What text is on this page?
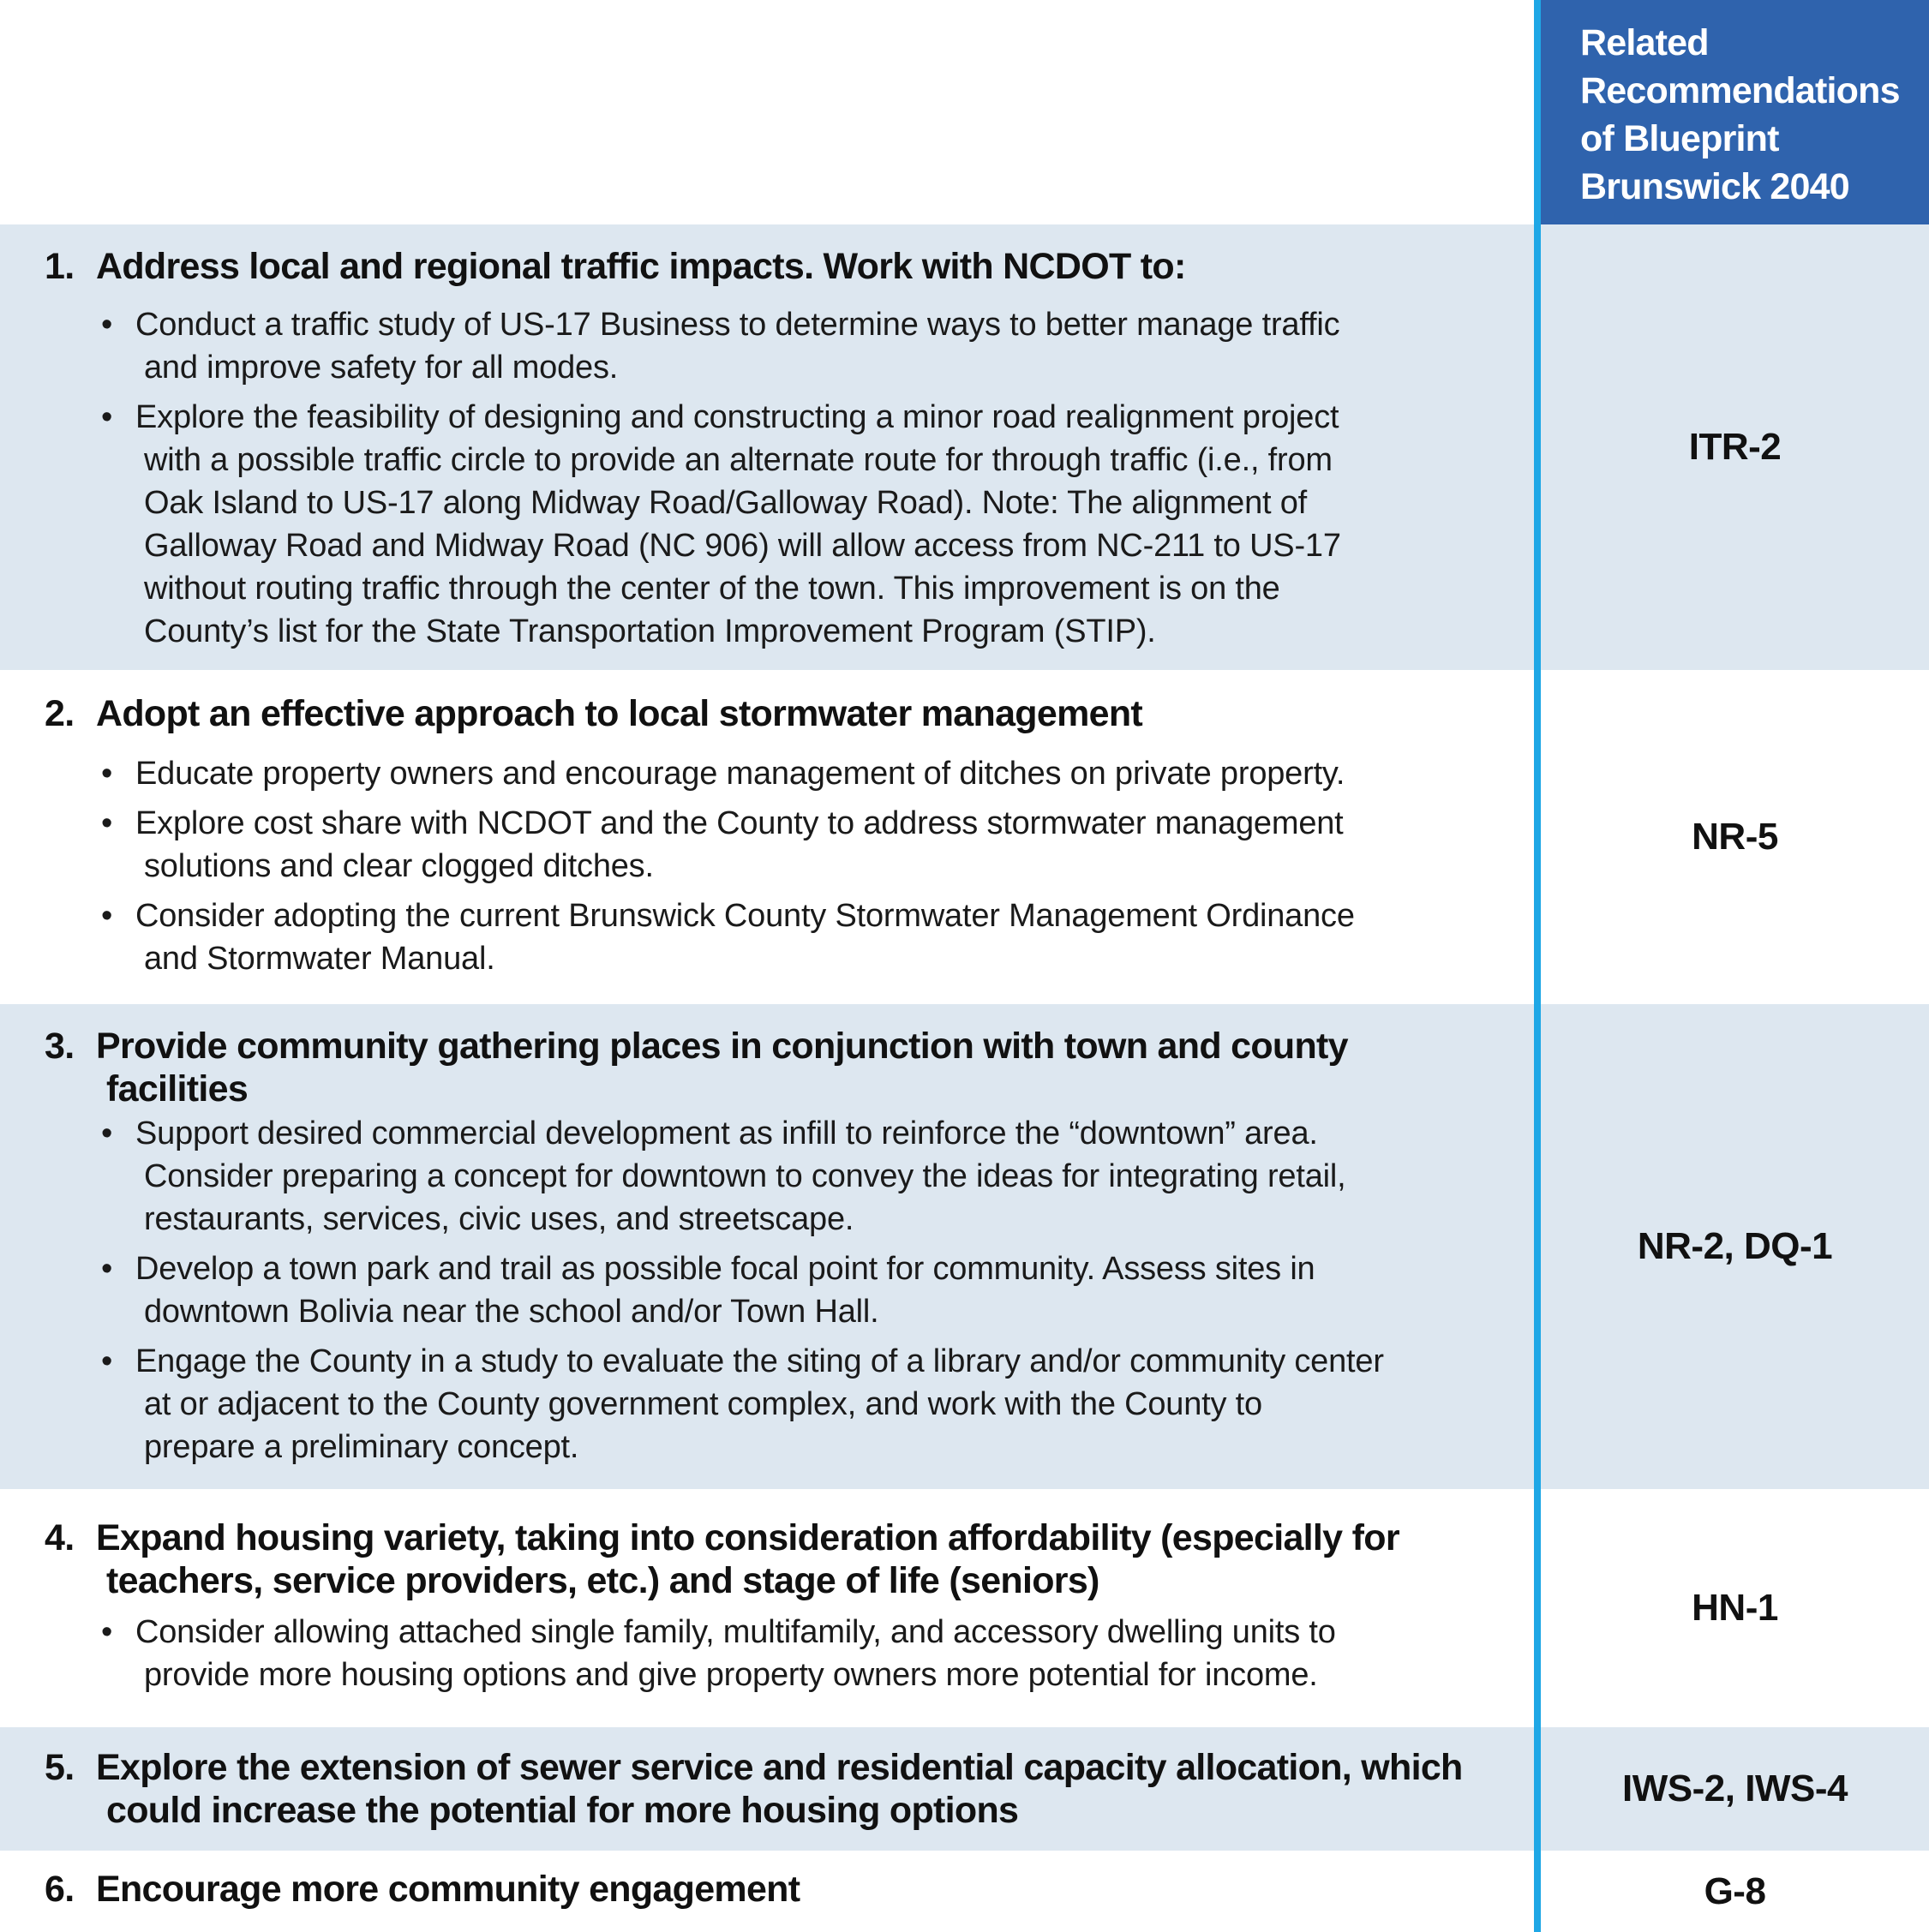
Related
Recommendations
of Blueprint
Brunswick 2040
1. Address local and regional traffic impacts. Work with NCDOT to:
• Conduct a traffic study of US-17 Business to determine ways to better manage traffic
and improve safety for all modes.
• Explore the feasibility of designing and constructing a minor road realignment project
with a possible traffic circle to provide an alternate route for through traffic (i.e., from
Oak Island to US-17 along Midway Road/Galloway Road). Note: The alignment of
Galloway Road and Midway Road (NC 906) will allow access from NC-211 to US-17
without routing traffic through the center of the town. This improvement is on the
County’s list for the State Transportation Improvement Program (STIP).
ITR-2
2. Adopt an effective approach to local stormwater management
• Educate property owners and encourage management of ditches on private property.
• Explore cost share with NCDOT and the County to address stormwater management
solutions and clear clogged ditches.
• Consider adopting the current Brunswick County Stormwater Management Ordinance
and Stormwater Manual.
NR-5
3. Provide community gathering places in conjunction with town and county
facilities
• Support desired commercial development as infill to reinforce the “downtown” area.
Consider preparing a concept for downtown to convey the ideas for integrating retail,
restaurants, services, civic uses, and streetscape.
• Develop a town park and trail as possible focal point for community. Assess sites in
downtown Bolivia near the school and/or Town Hall.
• Engage the County in a study to evaluate the siting of a library and/or community center
at or adjacent to the County government complex, and work with the County to
prepare a preliminary concept.
NR-2, DQ-1
4. Expand housing variety, taking into consideration affordability (especially for
teachers, service providers, etc.) and stage of life (seniors)
• Consider allowing attached single family, multifamily, and accessory dwelling units to
provide more housing options and give property owners more potential for income.
HN-1
5. Explore the extension of sewer service and residential capacity allocation, which
could increase the potential for more housing options
IWS-2, IWS-4
6. Encourage more community engagement	G-8
